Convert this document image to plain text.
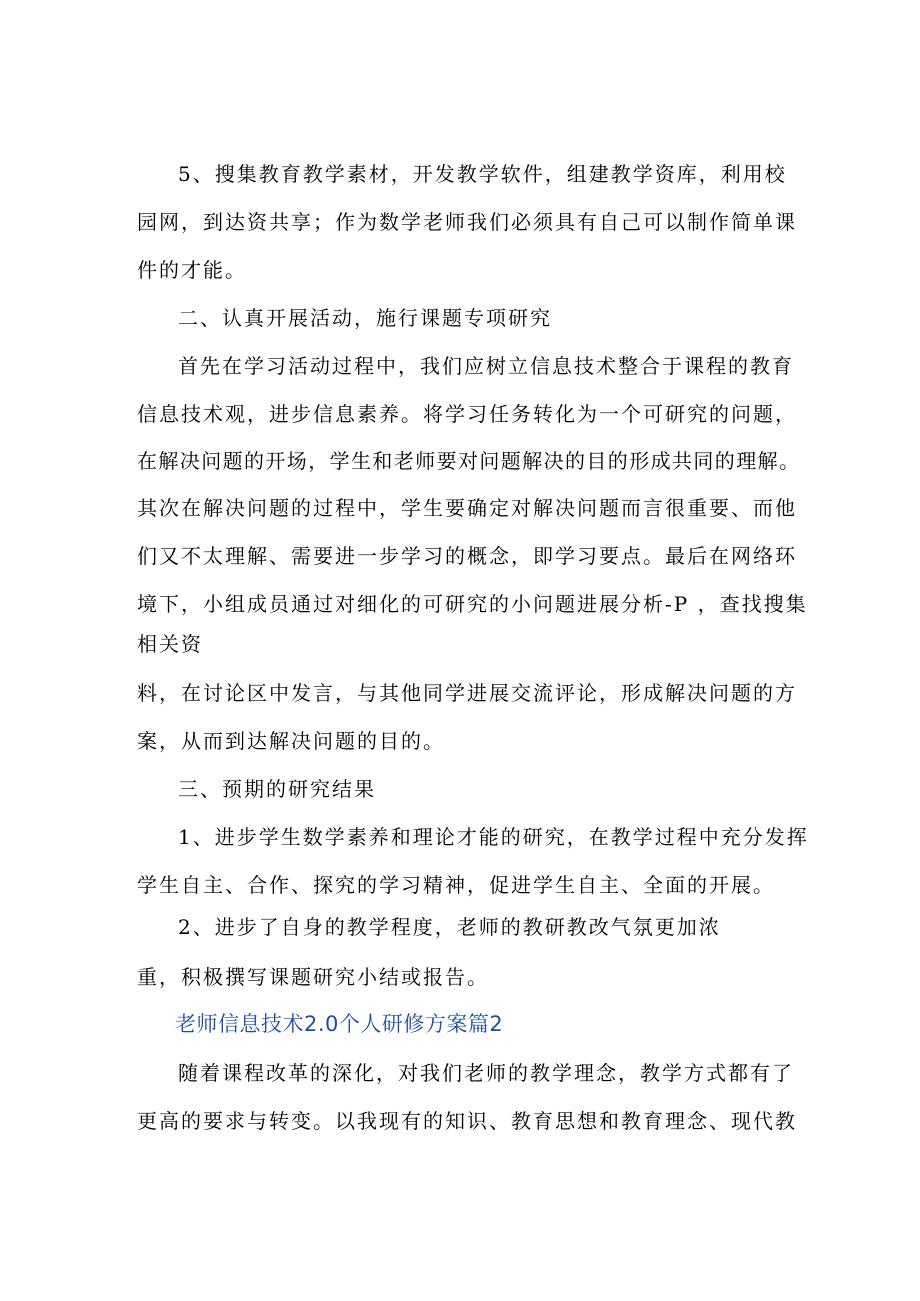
5、搜集教育教学素材，开发教学软件，组建教学资库，利用校
园网，到达资共享；作为数学老师我们必须具有自己可以制作简单课
件的才能。
二、认真开展活动，施行课题专项研究
首先在学习活动过程中，我们应树立信息技术整合于课程的教育
信息技术观，进步信息素养。将学习任务转化为一个可研究的问题，
在解决问题的开场，学生和老师要对问题解决的目的形成共同的理解。
其次在解决问题的过程中，学生要确定对解决问题而言很重要、而他
们又不太理解、需要进一步学习的概念，即学习要点。最后在网络环
境下，小组成员通过对细化的可研究的小问题进展分析-P ，查找搜集
相关资
料，在讨论区中发言，与其他同学进展交流评论，形成解决问题的方
案，从而到达解决问题的目的。
三、预期的研究结果
1、进步学生数学素养和理论才能的研究，在教学过程中充分发挥
学生自主、合作、探究的学习精神，促进学生自主、全面的开展。
2、进步了自身的教学程度，老师的教研教改气氛更加浓
重，积极撰写课题研究小结或报告。
老师信息技术2.0个人研修方案篇2
随着课程改革的深化，对我们老师的教学理念，教学方式都有了
更高的要求与转变。以我现有的知识、教育思想和教育理念、现代教
